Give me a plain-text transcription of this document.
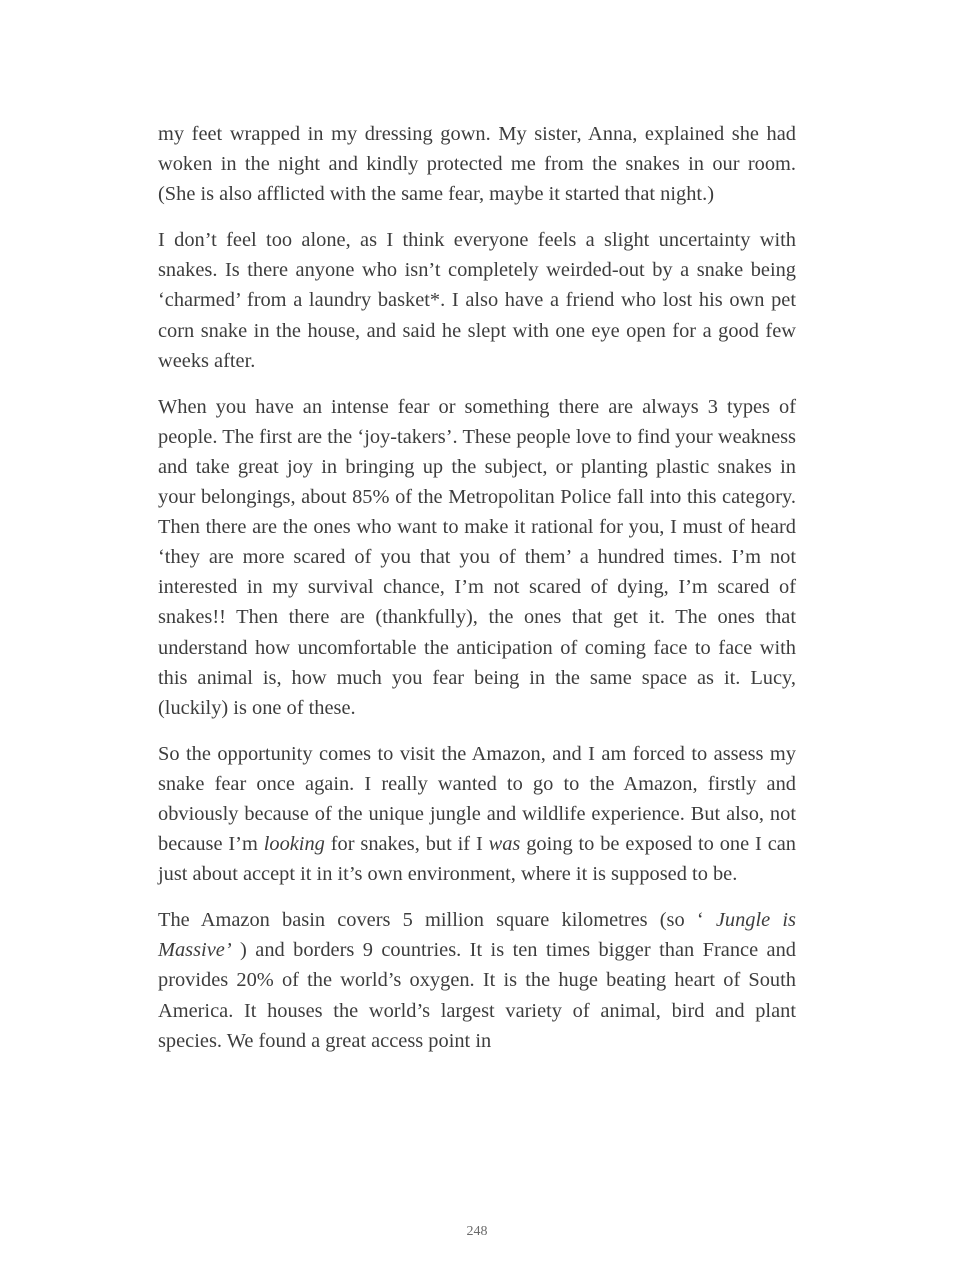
my feet wrapped in my dressing gown. My sister, Anna, explained she had woken in the night and kindly protected me from the snakes in our room. (She is also afflicted with the same fear, maybe it started that night.)

I don’t feel too alone, as I think everyone feels a slight uncertainty with snakes. Is there anyone who isn’t completely weirded-out by a snake being ‘charmed’ from a laundry basket*. I also have a friend who lost his own pet corn snake in the house, and said he slept with one eye open for a good few weeks after.

When you have an intense fear or something there are always 3 types of people. The first are the ‘joy-takers’. These people love to find your weakness and take great joy in bringing up the subject, or planting plastic snakes in your belongings, about 85% of the Metropolitan Police fall into this category. Then there are the ones who want to make it rational for you, I must of heard ‘they are more scared of you that you of them’ a hundred times. I’m not interested in my survival chance, I’m not scared of dying, I’m scared of snakes!! Then there are (thankfully), the ones that get it. The ones that understand how uncomfortable the anticipation of coming face to face with this animal is, how much you fear being in the same space as it. Lucy, (luckily) is one of these.

So the opportunity comes to visit the Amazon, and I am forced to assess my snake fear once again. I really wanted to go to the Amazon, firstly and obviously because of the unique jungle and wildlife experience. But also, not because I’m looking for snakes, but if I was going to be exposed to one I can just about accept it in it’s own environment, where it is supposed to be.

The Amazon basin covers 5 million square kilometres (so ‘ Jungle is Massive’ ) and borders 9 countries. It is ten times bigger than France and provides 20% of the world’s oxygen. It is the huge beating heart of South America. It houses the world’s largest variety of animal, bird and plant species. We found a great access point in

248
